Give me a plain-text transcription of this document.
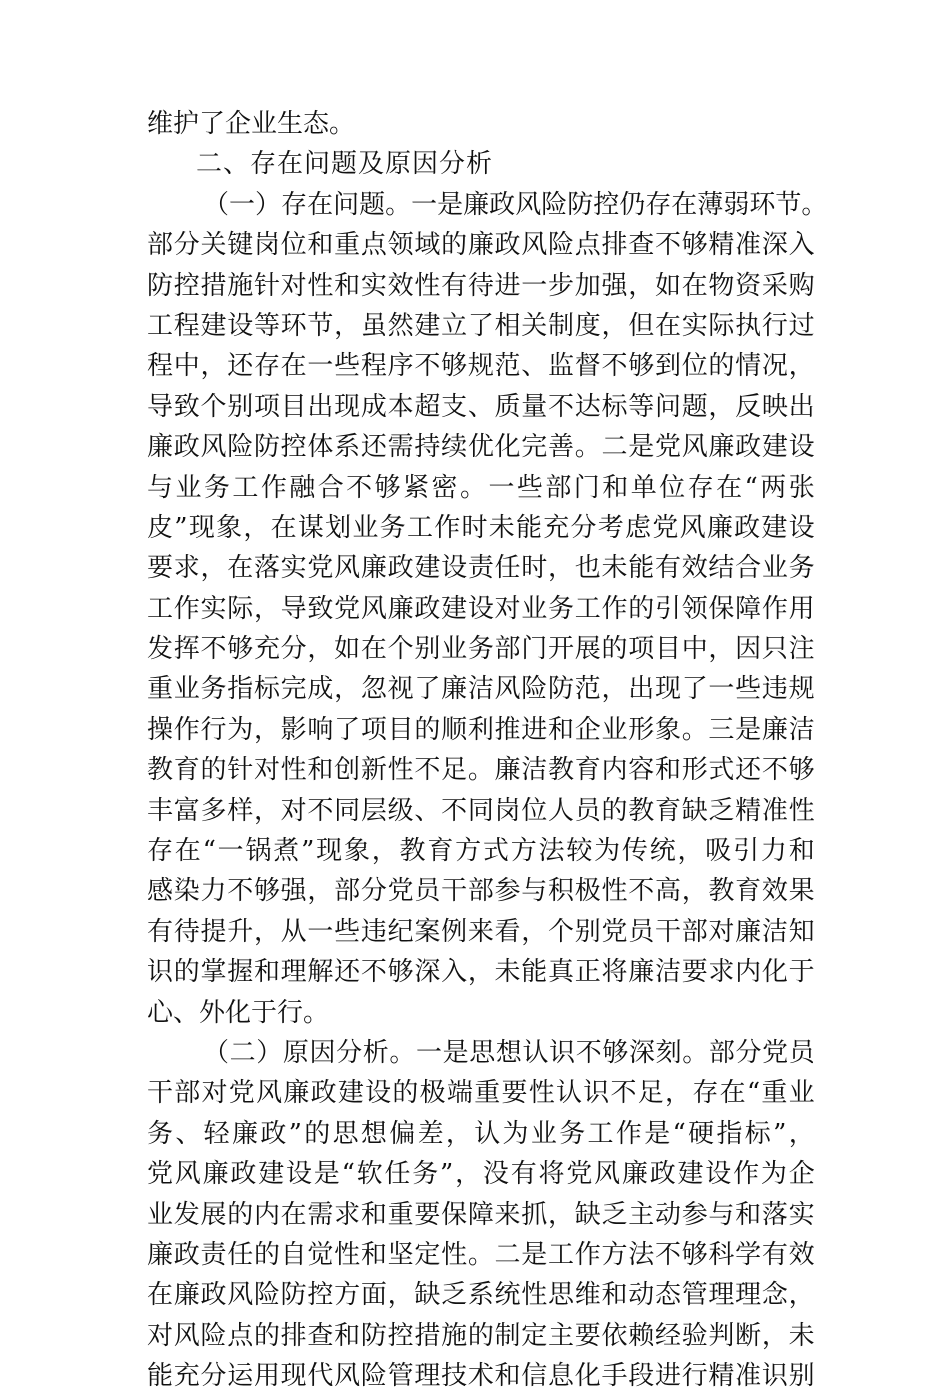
维护了企业生态。
二、存在问题及原因分析
（ 一 ） 存 在 问 题 。 一 是 廉 政 风 险 防 控 仍 存 在 薄 弱 环 节 。
部 分 关 键 岗 位 和 重 点 领 域 的 廉 政 风 险 点 排 查 不 够 精 准 深 入
防 控 措 施 针 对 性 和 实 效 性 有 待 进 一 步 加 强 ， 如 在 物 资 采 购
工 程 建 设 等 环 节 ， 虽 然 建 立 了 相 关 制 度 ， 但 在 实 际 执 行 过
程 中 ， 还 存 在 一 些 程 序 不 够 规 范 、 监 督 不 够 到 位 的 情 况 ，
导 致 个 别 项 目 出 现 成 本 超 支 、 质 量 不 达 标 等 问 题 ， 反 映 出
廉 政 风 险 防 控 体 系 还 需 持 续 优 化 完 善 。 二 是 党 风 廉 政 建 设
与 业 务 工 作 融 合 不 够 紧 密 。 一 些 部 门 和 单 位 存 在 “ 两 张
皮 ” 现 象 ， 在 谋 划 业 务 工 作 时 未 能 充 分 考 虑 党 风 廉 政 建 设
要 求 ， 在 落 实 党 风 廉 政 建 设 责 任 时 ， 也 未 能 有 效 结 合 业 务
工 作 实 际 ， 导 致 党 风 廉 政 建 设 对 业 务 工 作 的 引 领 保 障 作 用
发 挥 不 够 充 分 ， 如 在 个 别 业 务 部 门 开 展 的 项 目 中 ， 因 只 注
重 业 务 指 标 完 成 ， 忽 视 了 廉 洁 风 险 防 范 ， 出 现 了 一 些 违 规
操 作 行 为 ， 影 响 了 项 目 的 顺 利 推 进 和 企 业 形 象 。 三 是 廉 洁
教 育 的 针 对 性 和 创 新 性 不 足 。 廉 洁 教 育 内 容 和 形 式 还 不 够
丰 富 多 样 ， 对 不 同 层 级 、 不 同 岗 位 人 员 的 教 育 缺 乏 精 准 性
存 在 “ 一 锅 煮 ” 现 象 ， 教 育 方 式 方 法 较 为 传 统 ， 吸 引 力 和
感 染 力 不 够 强 ， 部 分 党 员 干 部 参 与 积 极 性 不 高 ， 教 育 效 果
有 待 提 升 ， 从 一 些 违 纪 案 例 来 看 ， 个 别 党 员 干 部 对 廉 洁 知
识 的 掌 握 和 理 解 还 不 够 深 入 ， 未 能 真 正 将 廉 洁 要 求 内 化 于
心、外化于行。
（ 二 ） 原 因 分 析 。 一 是 思 想 认 识 不 够 深 刻 。 部 分 党 员
干 部 对 党 风 廉 政 建 设 的 极 端 重 要 性 认 识 不 足 ， 存 在 “ 重 业
务 、 轻 廉 政 ” 的 思 想 偏 差 ， 认 为 业 务 工 作 是 “ 硬 指 标 ” ，
党 风 廉 政 建 设 是 “ 软 任 务 ” ， 没 有 将 党 风 廉 政 建 设 作 为 企
业 发 展 的 内 在 需 求 和 重 要 保 障 来 抓 ， 缺 乏 主 动 参 与 和 落 实
廉 政 责 任 的 自 觉 性 和 坚 定 性 。 二 是 工 作 方 法 不 够 科 学 有 效
在 廉 政 风 险 防 控 方 面 ， 缺 乏 系 统 性 思 维 和 动 态 管 理 理 念 ，
对 风 险 点 的 排 查 和 防 控 措 施 的 制 定 主 要 依 赖 经 验 判 断 ， 未
能 充 分 运 用 现 代 风 险 管 理 技 术 和 信 息 化 手 段 进 行 精 准 识 别
